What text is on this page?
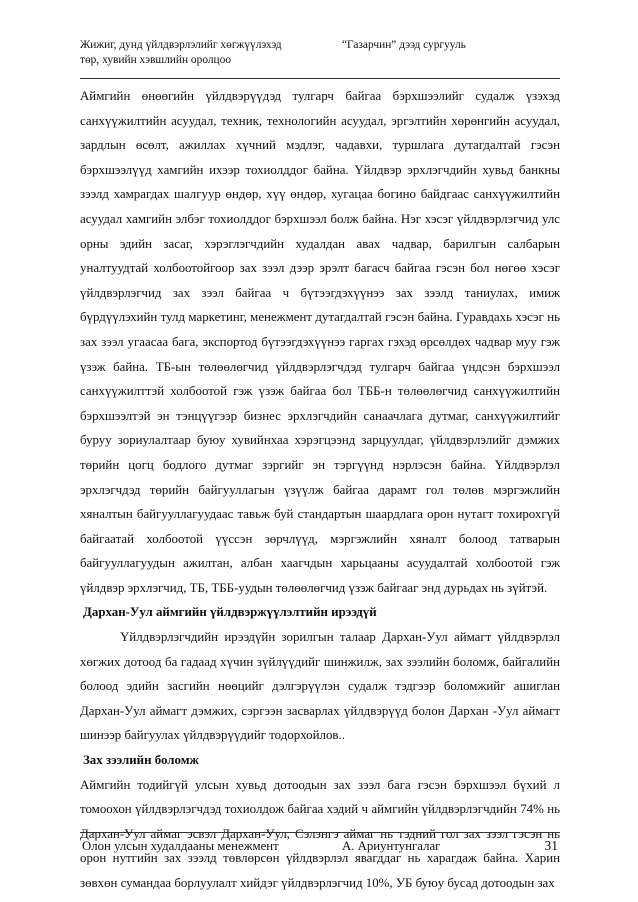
Жижиг, дунд үйлдвэрлэлийг хөгжүүлэхэд
төр, хувийн хэвшлийн оролцоо
“Газарчин” дээд сургууль

Аймгийн өнөөгийн үйлдвэрүүдэд тулгарч байгаа бэрхшээлийг судалж үзэхэд санхүүжилтийн асуудал, техник, технологийн асуудал, эргэлтийн хөрөнгийн асуудал, зардлын өсөлт, ажиллах хүчний мэдлэг, чадавхи, туршлага дутагдалтай гэсэн бэрхшээлүүд хамгийн ихээр тохиолддог байна. Үйлдвэр эрхлэгчдийн хувьд банкны зээлд хамрагдах шалгуур өндөр, хүү өндөр, хугацаа богино байдгаас санхүүжилтийн асуудал хамгийн элбэг тохиолддог бэрхшээл болж байна. Нэг хэсэг үйлдвэрлэгчид улс орны эдийн засаг, хэрэглэгчдийн худалдан авах чадвар, барилгын салбарын уналтуудтай холбоотойгоор зах зээл дээр эрэлт багасч байгаа гэсэн бол нөгөө хэсэг үйлдвэрлэгчид зах зээл байгаа ч бүтээгдэхүүнээ зах зээлд таниулах, имиж бүрдүүлэхийн тулд маркетинг, менежмент дутагдалтай гэсэн байна. Гуравдахь хэсэг нь зах зээл угаасаа бага, экспортод бүтээгдэхүүнээ гаргах гэхэд өрсөлдөх чадвар муу гэж үзэж байна. ТБ-ын төлөөлөгчид үйлдвэрлэгчдэд тулгарч байгаа үндсэн бэрхшээл санхүүжилттэй холбоотой гэж үзэж байгаа бол ТББ-н төлөөлөгчид санхүүжилтийн бэрхшээлтэй эн тэнцүүгээр бизнес эрхлэгчдийн санаачлага дутмаг, санхүүжилтийг буруу зориулалтаар буюу хувийнхаа хэрэгцээнд зарцуулдаг, үйлдвэрлэлийг дэмжих төрийн цогц бодлого дутмаг зэргийг эн тэргүүнд нэрлэсэн байна. Үйлдвэрлэл эрхлэгчдэд төрийн байгууллагын үзүүлж байгаа дарамт гол төлөв мэргэжлийн хяналтын байгууллагуудаас тавьж буй стандартын шаардлага орон нутагт тохирохгүй байгаатай холбоотой үүссэн зөрчлүүд, мэргэжлийн хяналт болоод татварын байгууллагуудын ажилтан, албан хаагчдын харьцааны асуудалтай холбоотой гэж үйлдвэр эрхлэгчид, ТБ, ТББ-уудын төлөөлөгчид үзэж байгааг энд дурьдах нь зүйтэй.

Дархан-Уул аймгийн үйлдвэржүүлэлтийн ирээдүй

Үйлдвэрлэгчдийн ирээдүйн зорилгын талаар Дархан-Уул аймагт үйлдвэрлэл хөгжих дотоод ба гадаад хүчин зүйлүүдийг шинжилж, зах зээлийн боломж, байгалийн болоод эдийн засгийн нөөцийг дэлгэрүүлэн судалж тэдгээр боломжийг ашиглан Дархан-Уул аймагт дэмжих, сэргээн засварлах үйлдвэрүүд болон Дархан -Уул аймагт шинээр байгуулах үйлдвэрүүдийг тодорхойлов..

Зах зээлийн боломж

Аймгийн тодийгүй улсын хувьд дотоодын зах зээл бага гэсэн бэрхшээл бүхий л томоохон үйлдвэрлэгчдэд тохиолдож байгаа хэдий ч аймгийн үйлдвэрлэгчдийн 74% нь Дархан-Уул аймаг эсвэл Дархан-Уул, Сэлэнгэ аймаг нь тэдний гол зах зээл гэсэн нь орон нутгийн зах зээлд төвлөрсөн үйлдвэрлэл явагддаг нь харагдаж байна. Харин зөвхөн сумандаа борлуулалт хийдэг үйлдвэрлэгчид 10%, УБ буюу бусад дотоодын зах

Олон улсын худалдааны менежмент	А. Ариунтунгалаг	31
